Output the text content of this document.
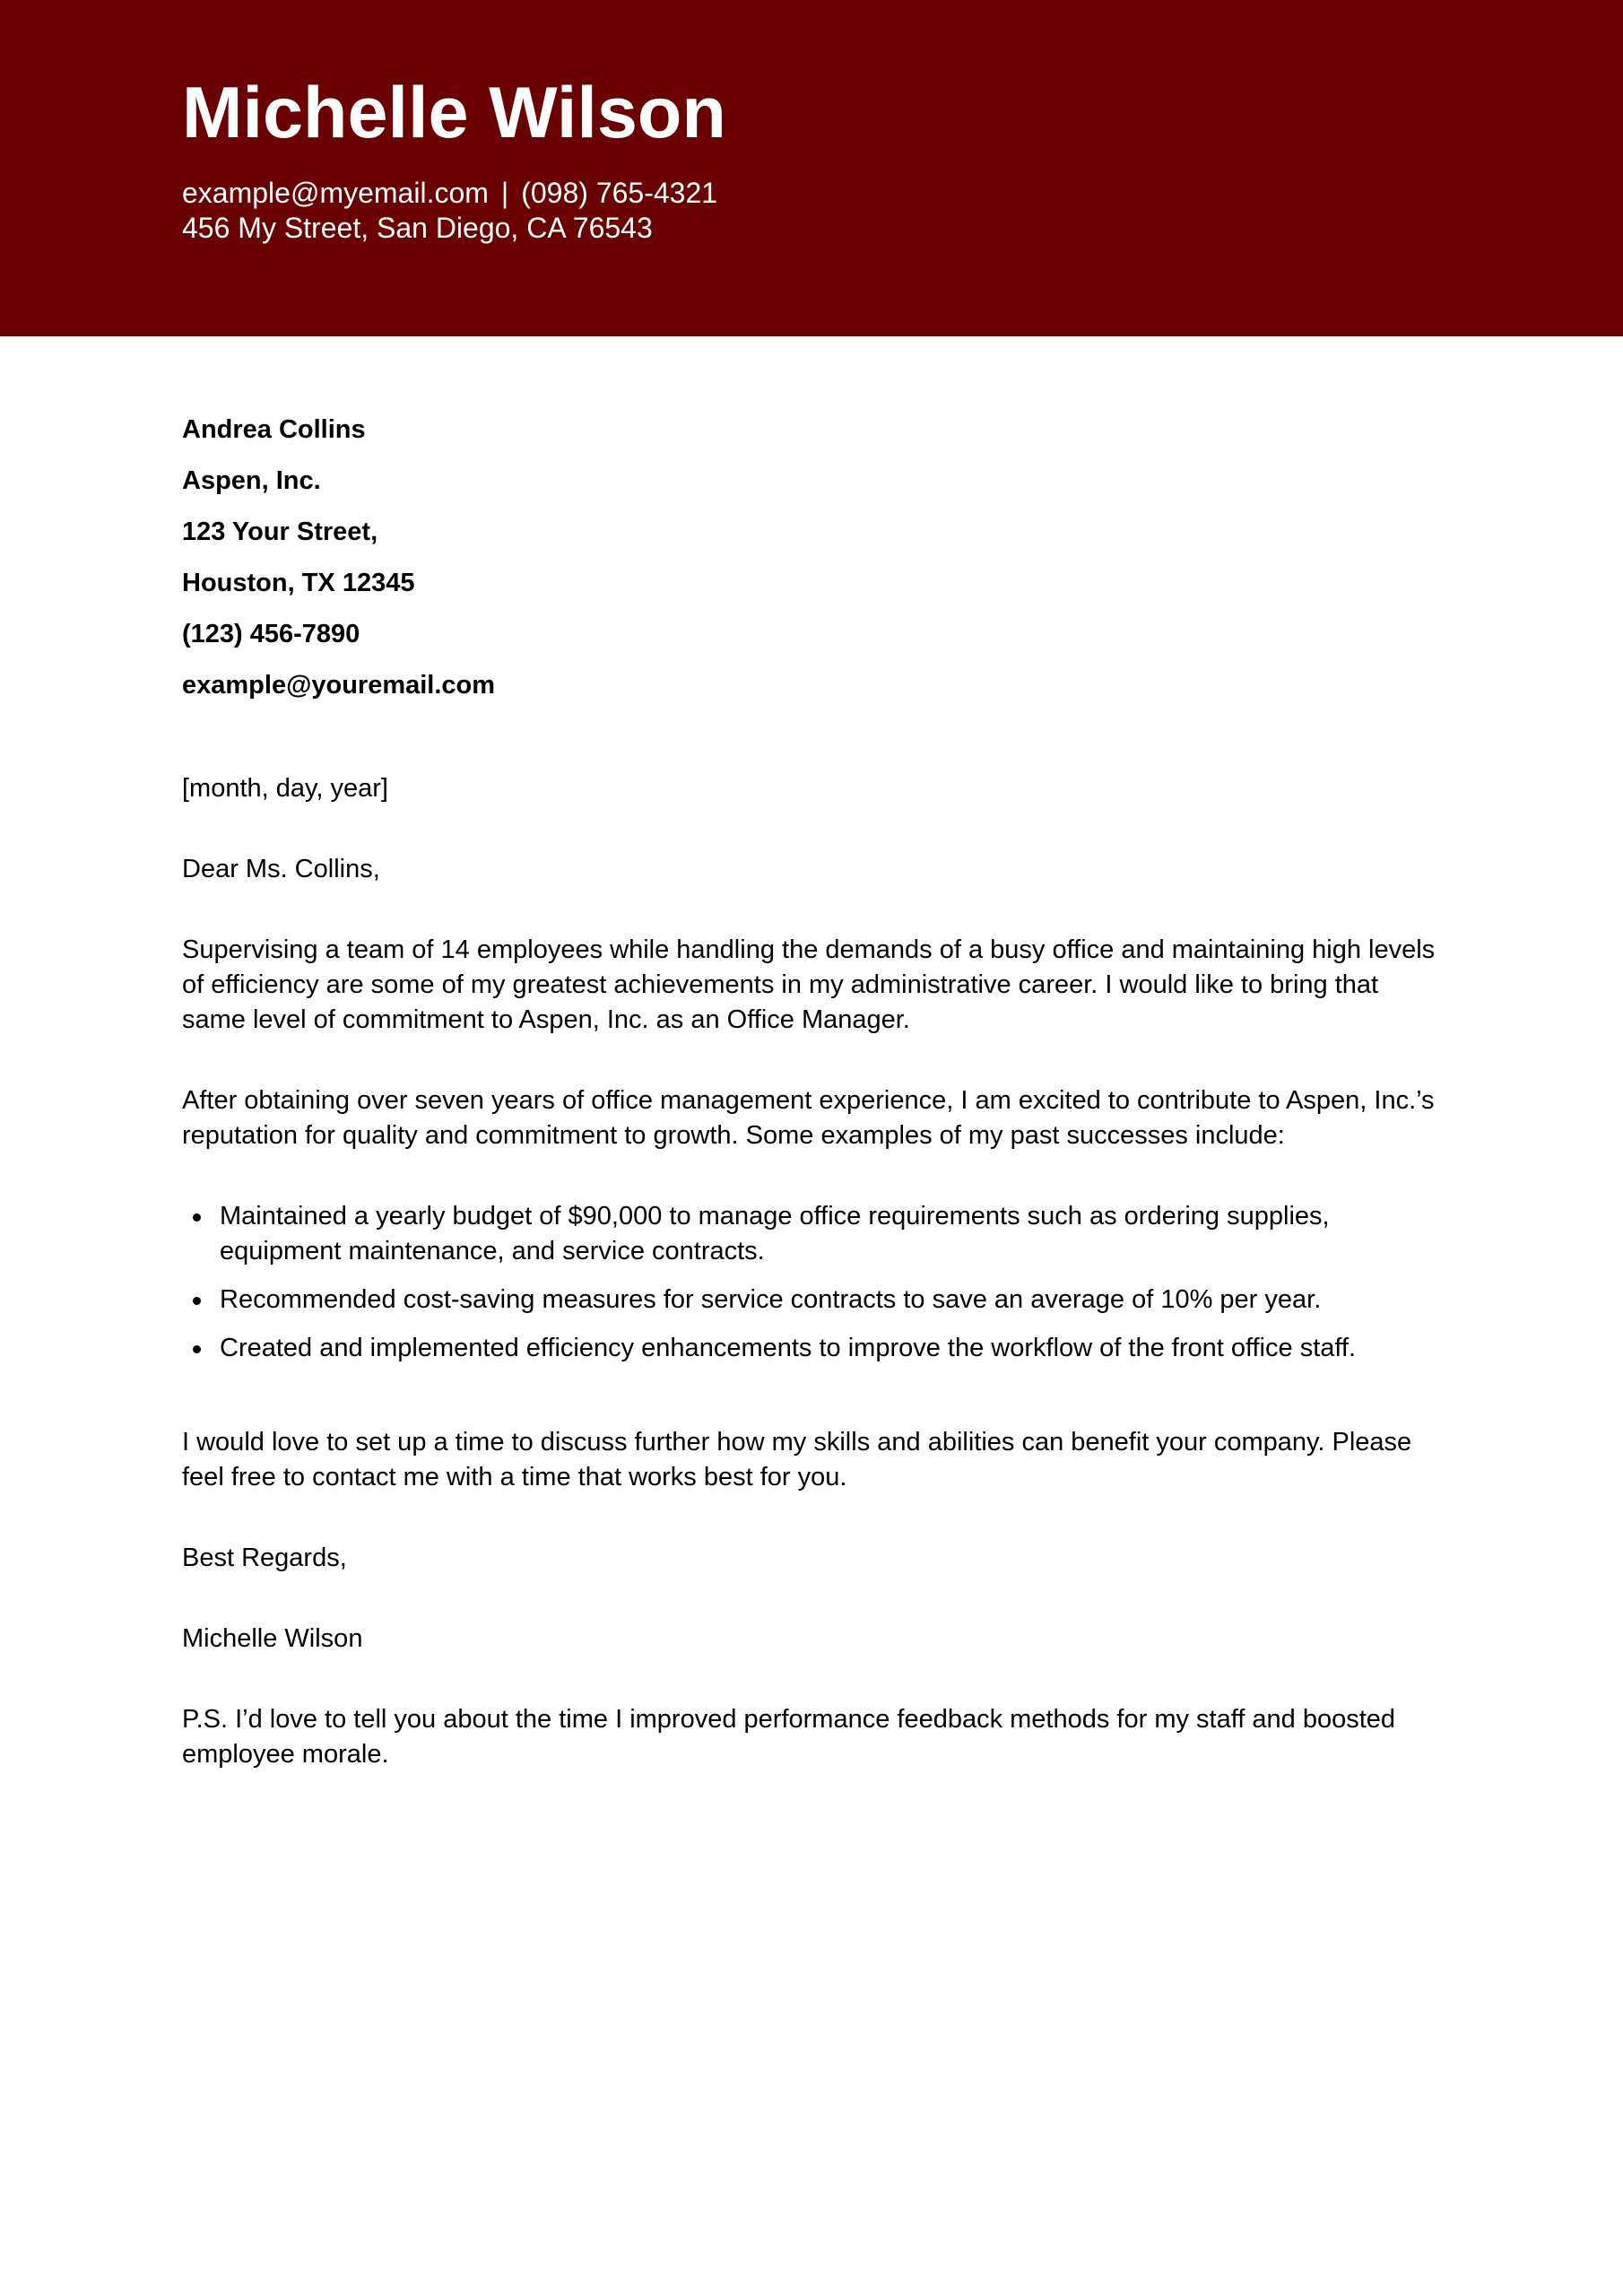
Michelle Wilson
example@myemail.com | (098) 765-4321
456 My Street, San Diego, CA 76543
Andrea Collins
Aspen, Inc.
123 Your Street,
Houston, TX 12345
(123) 456-7890
example@youremail.com
[month, day, year]
Dear Ms. Collins,
Supervising a team of 14 employees while handling the demands of a busy office and maintaining high levels of efficiency are some of my greatest achievements in my administrative career. I would like to bring that same level of commitment to Aspen, Inc. as an Office Manager.
After obtaining over seven years of office management experience, I am excited to contribute to Aspen, Inc.’s reputation for quality and commitment to growth. Some examples of my past successes include:
Maintained a yearly budget of $90,000 to manage office requirements such as ordering supplies, equipment maintenance, and service contracts.
Recommended cost-saving measures for service contracts to save an average of 10% per year.
Created and implemented efficiency enhancements to improve the workflow of the front office staff.
I would love to set up a time to discuss further how my skills and abilities can benefit your company. Please feel free to contact me with a time that works best for you.
Best Regards,
Michelle Wilson
P.S. I’d love to tell you about the time I improved performance feedback methods for my staff and boosted employee morale.
